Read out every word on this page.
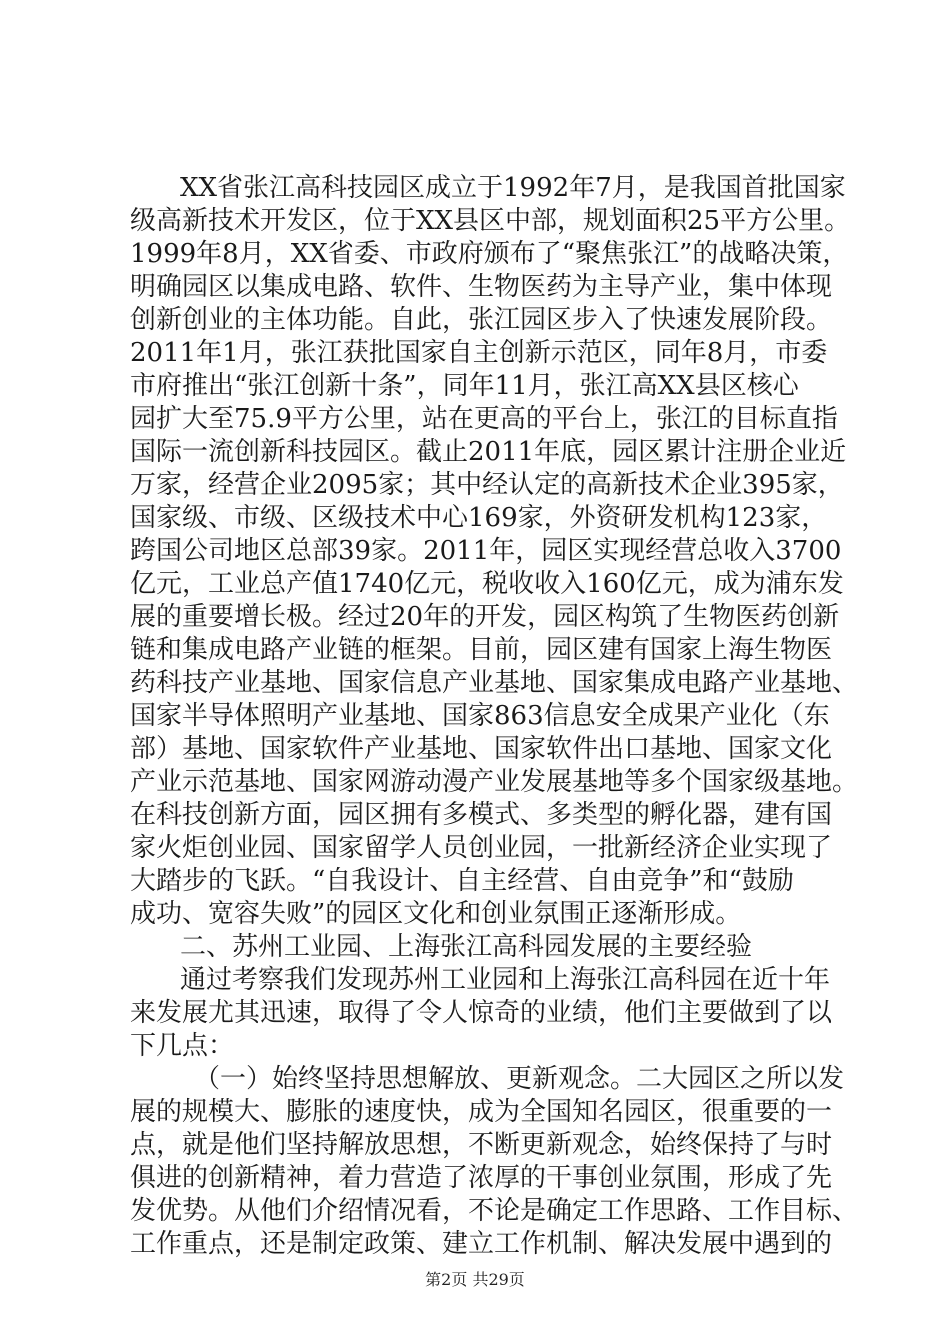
XX省张江高科技园区成立于1992年7月，是我国首批国家
级高新技术开发区，位于XX县区中部，规划面积25平方公里。
1999年8月，XX省委、市政府颁布了“聚焦张江”的战略决策，
明确园区以集成电路、软件、生物医药为主导产业，集中体现
创新创业的主体功能。自此，张江园区步入了快速发展阶段。
2011年1月，张江获批国家自主创新示范区，同年8月，市委
市府推出“张江创新十条”，同年11月，张江高XX县区核心
园扩大至75.9平方公里，站在更高的平台上，张江的目标直指
国际一流创新科技园区。截止2011年底，园区累计注册企业近
万家，经营企业2095家；其中经认定的高新技术企业395家，
国家级、市级、区级技术中心169家，外资研发机构123家，
跨国公司地区总部39家。2011年，园区实现经营总收入3700
亿元，工业总产值1740亿元，税收收入160亿元，成为浦东发
展的重要增长极。经过20年的开发，园区构筑了生物医药创新
链和集成电路产业链的框架。目前，园区建有国家上海生物医
药科技产业基地、国家信息产业基地、国家集成电路产业基地、
国家半导体照明产业基地、国家863信息安全成果产业化（东
部）基地、国家软件产业基地、国家软件出口基地、国家文化
产业示范基地、国家网游动漫产业发展基地等多个国家级基地。
在科技创新方面，园区拥有多模式、多类型的孵化器，建有国
家火炬创业园、国家留学人员创业园，一批新经济企业实现了
大踏步的飞跃。“自我设计、自主经营、自由竞争”和“鼓励
成功、宽容失败”的园区文化和创业氛围正逐渐形成。
二、苏州工业园、上海张江高科园发展的主要经验
通过考察我们发现苏州工业园和上海张江高科园在近十年
来发展尤其迅速，取得了令人惊奇的业绩，他们主要做到了以
下几点：
（一）始终坚持思想解放、更新观念。二大园区之所以发
展的规模大、膨胀的速度快，成为全国知名园区，很重要的一
点，就是他们坚持解放思想，不断更新观念，始终保持了与时
俱进的创新精神，着力营造了浓厚的干事创业氛围，形成了先
发优势。从他们介绍情况看，不论是确定工作思路、工作目标、
工作重点，还是制定政策、建立工作机制、解决发展中遇到的
第2页 共29页
